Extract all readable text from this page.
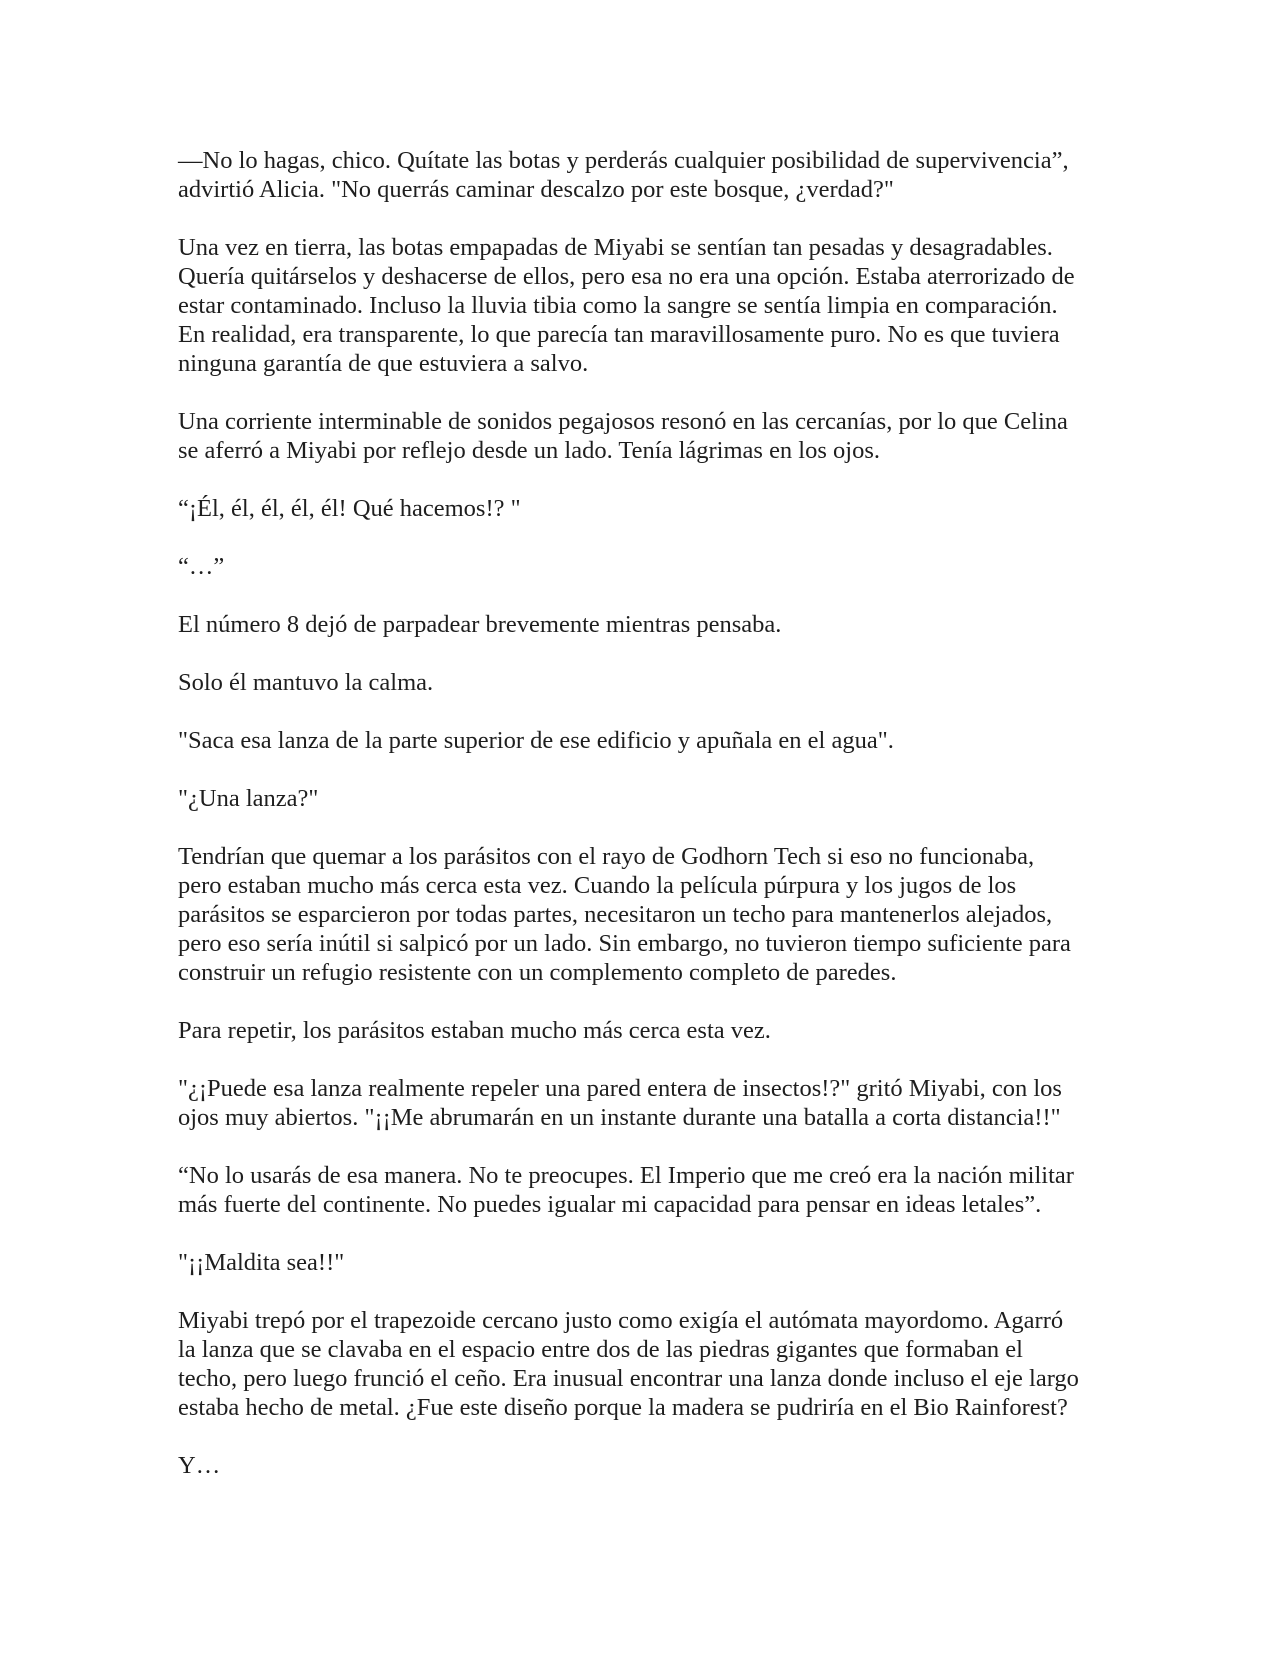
—No lo hagas, chico. Quítate las botas y perderás cualquier posibilidad de supervivencia”,
advirtió Alicia. "No querrás caminar descalzo por este bosque, ¿verdad?"

Una vez en tierra, las botas empapadas de Miyabi se sentían tan pesadas y desagradables.
Quería quitárselos y deshacerse de ellos, pero esa no era una opción. Estaba aterrorizado de
estar contaminado. Incluso la lluvia tibia como la sangre se sentía limpia en comparación.
En realidad, era transparente, lo que parecía tan maravillosamente puro. No es que tuviera
ninguna garantía de que estuviera a salvo.

Una corriente interminable de sonidos pegajosos resonó en las cercanías, por lo que Celina
se aferró a Miyabi por reflejo desde un lado. Tenía lágrimas en los ojos.

“¡Él, él, él, él, él! Qué hacemos!? "

“…”

El número 8 dejó de parpadear brevemente mientras pensaba.

Solo él mantuvo la calma.

"Saca esa lanza de la parte superior de ese edificio y apuñala en el agua".

"¿Una lanza?"

Tendrían que quemar a los parásitos con el rayo de Godhorn Tech si eso no funcionaba,
pero estaban mucho más cerca esta vez. Cuando la película púrpura y los jugos de los
parásitos se esparcieron por todas partes, necesitaron un techo para mantenerlos alejados,
pero eso sería inútil si salpicó por un lado. Sin embargo, no tuvieron tiempo suficiente para
construir un refugio resistente con un complemento completo de paredes.

Para repetir, los parásitos estaban mucho más cerca esta vez.

"¿¡Puede esa lanza realmente repeler una pared entera de insectos!?" gritó Miyabi, con los
ojos muy abiertos. "¡¡Me abrumarán en un instante durante una batalla a corta distancia!!"

“No lo usarás de esa manera. No te preocupes. El Imperio que me creó era la nación militar
más fuerte del continente. No puedes igualar mi capacidad para pensar en ideas letales”.

"¡¡Maldita sea!!"

Miyabi trepó por el trapezoide cercano justo como exigía el autómata mayordomo. Agarró
la lanza que se clavaba en el espacio entre dos de las piedras gigantes que formaban el
techo, pero luego frunció el ceño. Era inusual encontrar una lanza donde incluso el eje largo
estaba hecho de metal. ¿Fue este diseño porque la madera se pudriría en el Bio Rainforest?

Y…
